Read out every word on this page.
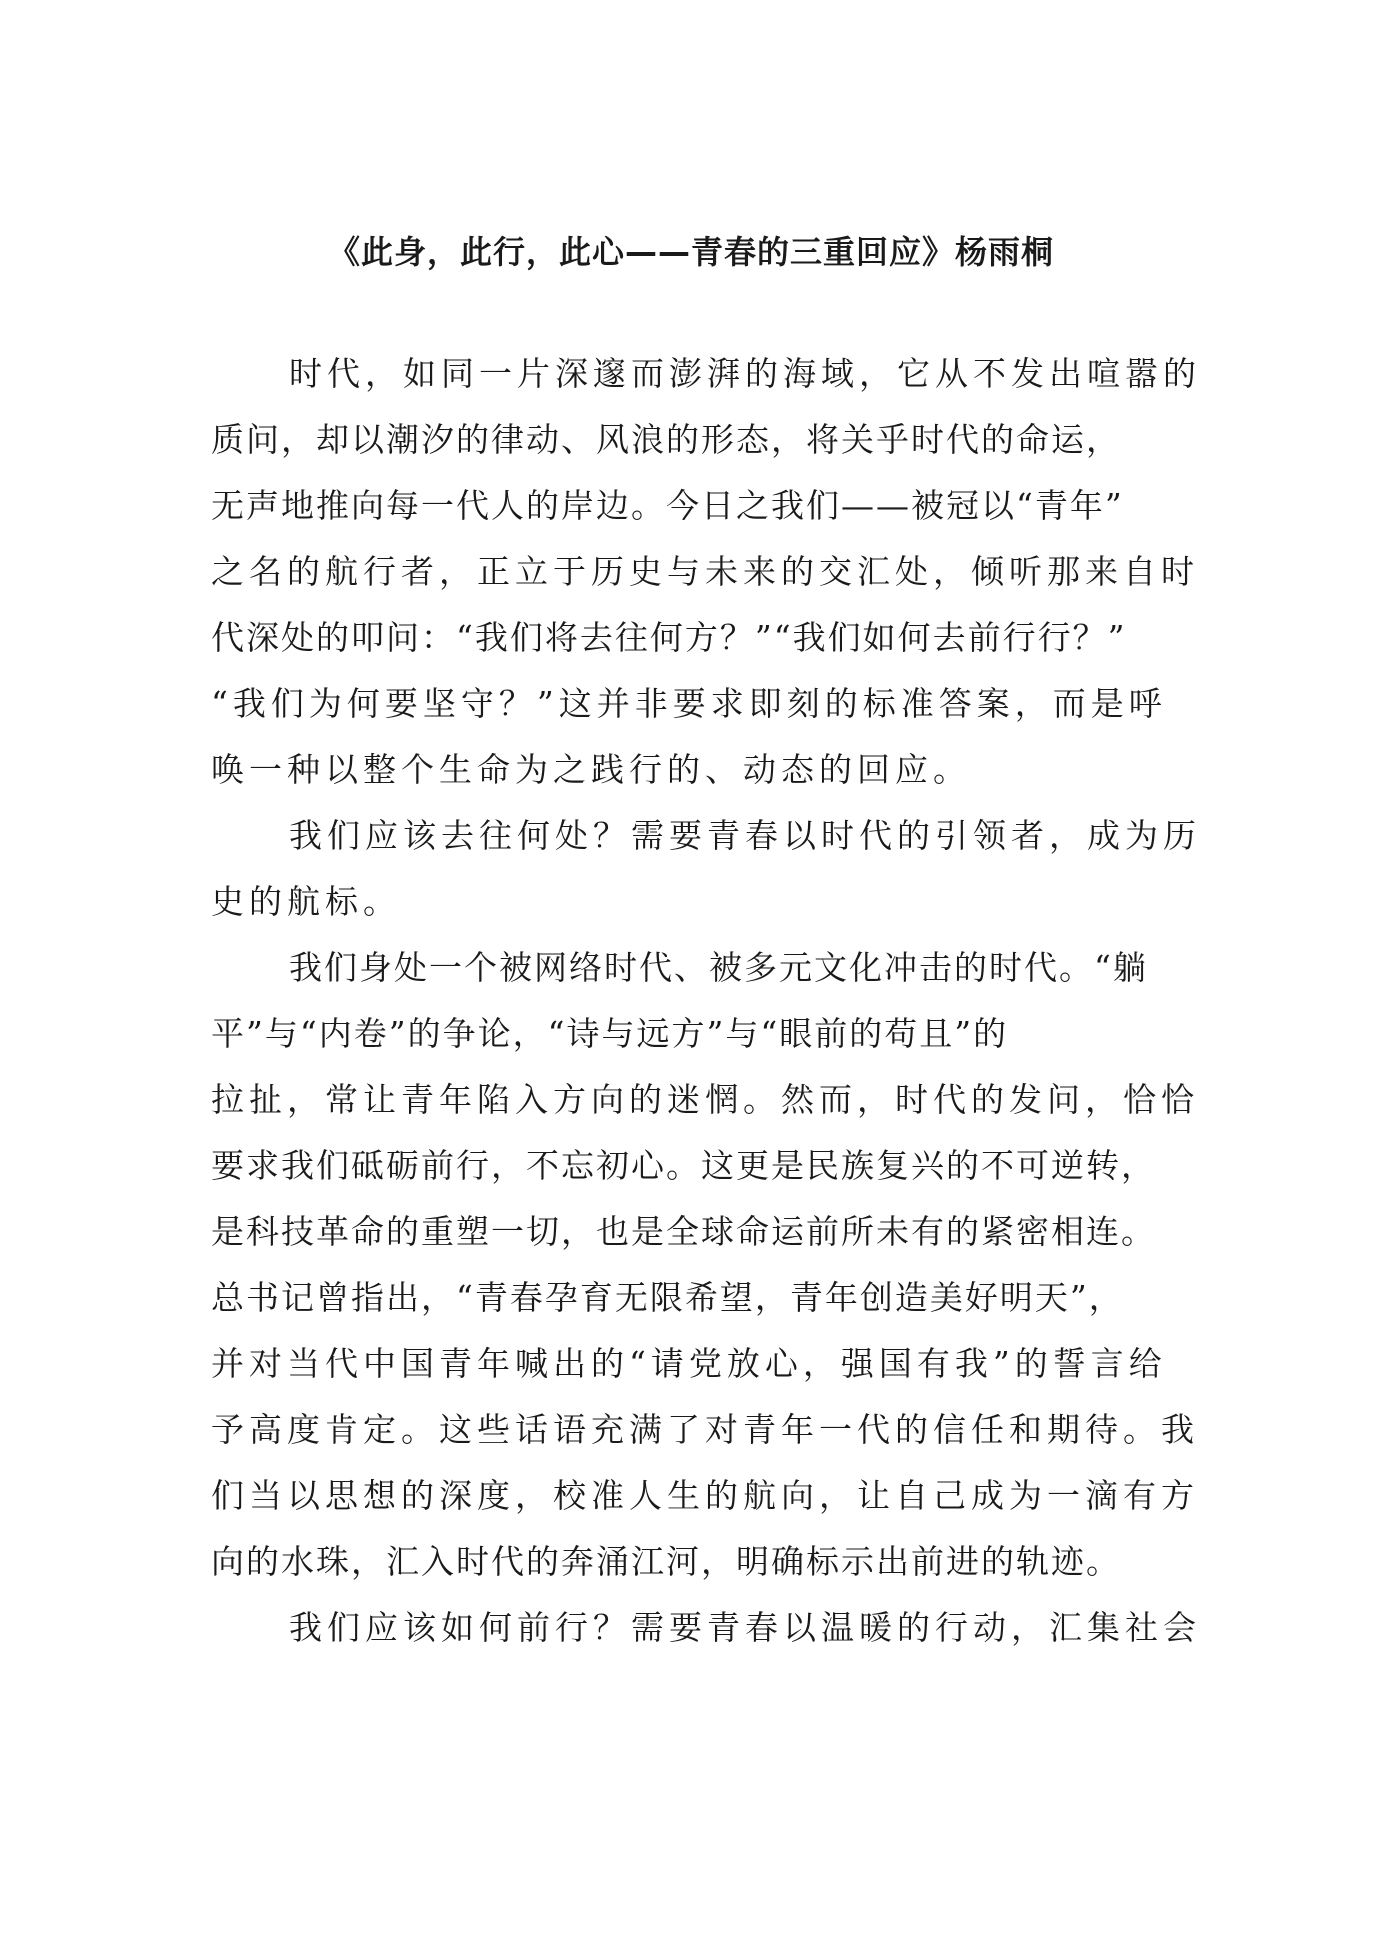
《此身，此行，此心——青春的三重回应》杨雨桐
时代，如同一片深邃而澎湃的海域，它从不发出喧嚣的
质问，却以潮汐的律动、风浪的形态，将关乎时代的命运，
无声地推向每一代人的岸边。今日之我们——被冠以“青年”
之名的航行者，正立于历史与未来的交汇处，倾听那来自时
代深处的叩问：“我们将去往何方？”“我们如何去前行行？”
“我们为何要坚守？”这并非要求即刻的标准答案，而是呼
唤一种以整个生命为之践行的、动态的回应。
我们应该去往何处？需要青春以时代的引领者，成为历
史的航标。
我们身处一个被网络时代、被多元文化冲击的时代。“躺
平”与“内卷”的争论，“诗与远方”与“眼前的苟且”的
拉扯，常让青年陷入方向的迷惘。然而，时代的发问，恰恰
要求我们砥砺前行，不忘初心。这更是民族复兴的不可逆转，
是科技革命的重塑一切，也是全球命运前所未有的紧密相连。
总书记曾指出，“青春孕育无限希望，青年创造美好明天”，
并对当代中国青年喊出的“请党放心，强国有我”的誓言给
予高度肯定。这些话语充满了对青年一代的信任和期待。我
们当以思想的深度，校准人生的航向，让自己成为一滴有方
向的水珠，汇入时代的奔涌江河，明确标示出前进的轨迹。
我们应该如何前行？需要青春以温暖的行动，汇集社会
